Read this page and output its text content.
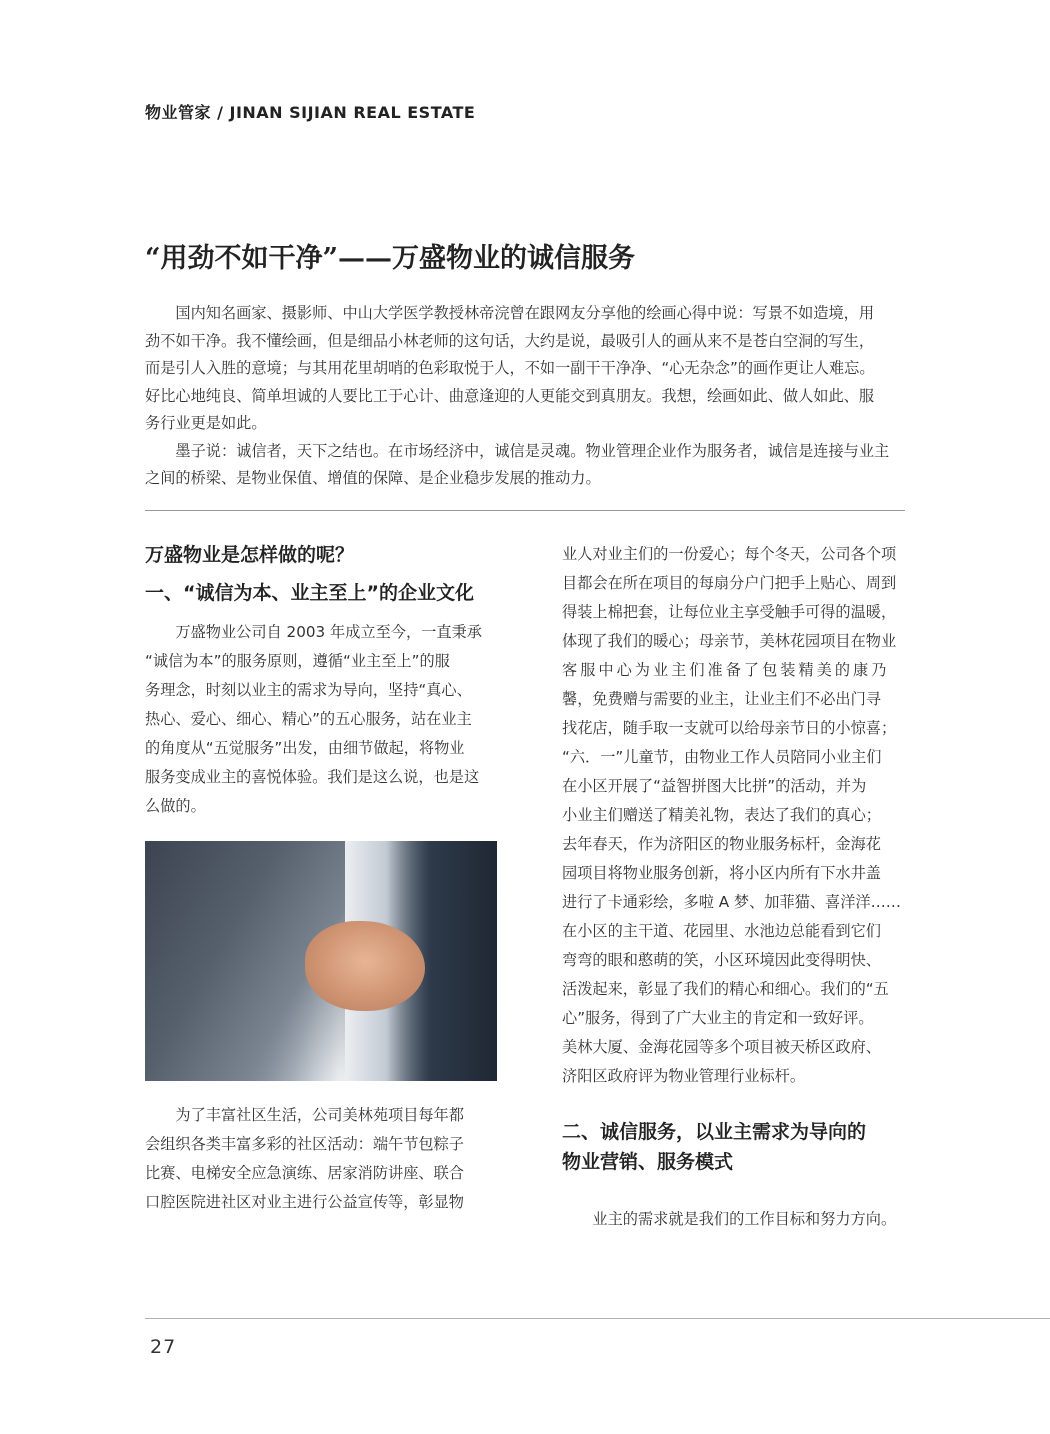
物业管家 / JINAN SIJIAN REAL ESTATE
“用劲不如干净”——万盛物业的诚信服务
国内知名画家、摄影师、中山大学医学教授林帝浣曾在跟网友分享他的绘画心得中说：写景不如造境，用
劲不如干净。我不懂绘画，但是细品小林老师的这句话，大约是说，最吸引人的画从来不是苍白空洞的写生，
而是引人入胜的意境；与其用花里胡哨的色彩取悦于人，不如一副干干净净、“心无杂念”的画作更让人难忘。
好比心地纯良、简单坦诚的人要比工于心计、曲意逢迎的人更能交到真朋友。我想，绘画如此、做人如此、服
务行业更是如此。
墨子说：诚信者，天下之结也。在市场经济中，诚信是灵魂。物业管理企业作为服务者，诚信是连接与业主
之间的桥梁、是物业保值、增值的保障、是企业稳步发展的推动力。
万盛物业是怎样做的呢？
一、“诚信为本、业主至上”的企业文化
万盛物业公司自 2003 年成立至今，一直秉承
“诚信为本”的服务原则，遵循“业主至上”的服
务理念，时刻以业主的需求为导向，坚持“真心、
热心、爱心、细心、精心”的五心服务，站在业主
的角度从“五觉服务”出发，由细节做起，将物业
服务变成业主的喜悦体验。我们是这么说，也是这
么做的。
为了丰富社区生活，公司美林苑项目每年都
会组织各类丰富多彩的社区活动：端午节包粽子
比赛、电梯安全应急演练、居家消防讲座、联合
口腔医院进社区对业主进行公益宣传等，彰显物
业人对业主们的一份爱心；每个冬天，公司各个项
目都会在所在项目的每扇分户门把手上贴心、周到
得装上棉把套，让每位业主享受触手可得的温暖，
体现了我们的暖心；母亲节，美林花园项目在物业
客服中心为业主们准备了包装精美的康乃
馨，免费赠与需要的业主，让业主们不必出门寻
找花店，随手取一支就可以给母亲节日的小惊喜；
“六．一”儿童节，由物业工作人员陪同小业主们
在小区开展了“益智拼图大比拼”的活动，并为
小业主们赠送了精美礼物，表达了我们的真心；
去年春天，作为济阳区的物业服务标杆，金海花
园项目将物业服务创新，将小区内所有下水井盖
进行了卡通彩绘，多啦 A 梦、加菲猫、喜洋洋……
在小区的主干道、花园里、水池边总能看到它们
弯弯的眼和憨萌的笑，小区环境因此变得明快、
活泼起来，彰显了我们的精心和细心。我们的“五
心”服务，得到了广大业主的肯定和一致好评。
美林大厦、金海花园等多个项目被天桥区政府、
济阳区政府评为物业管理行业标杆。
二、诚信服务，以业主需求为导向的
物业营销、服务模式
业主的需求就是我们的工作目标和努力方向。
27
